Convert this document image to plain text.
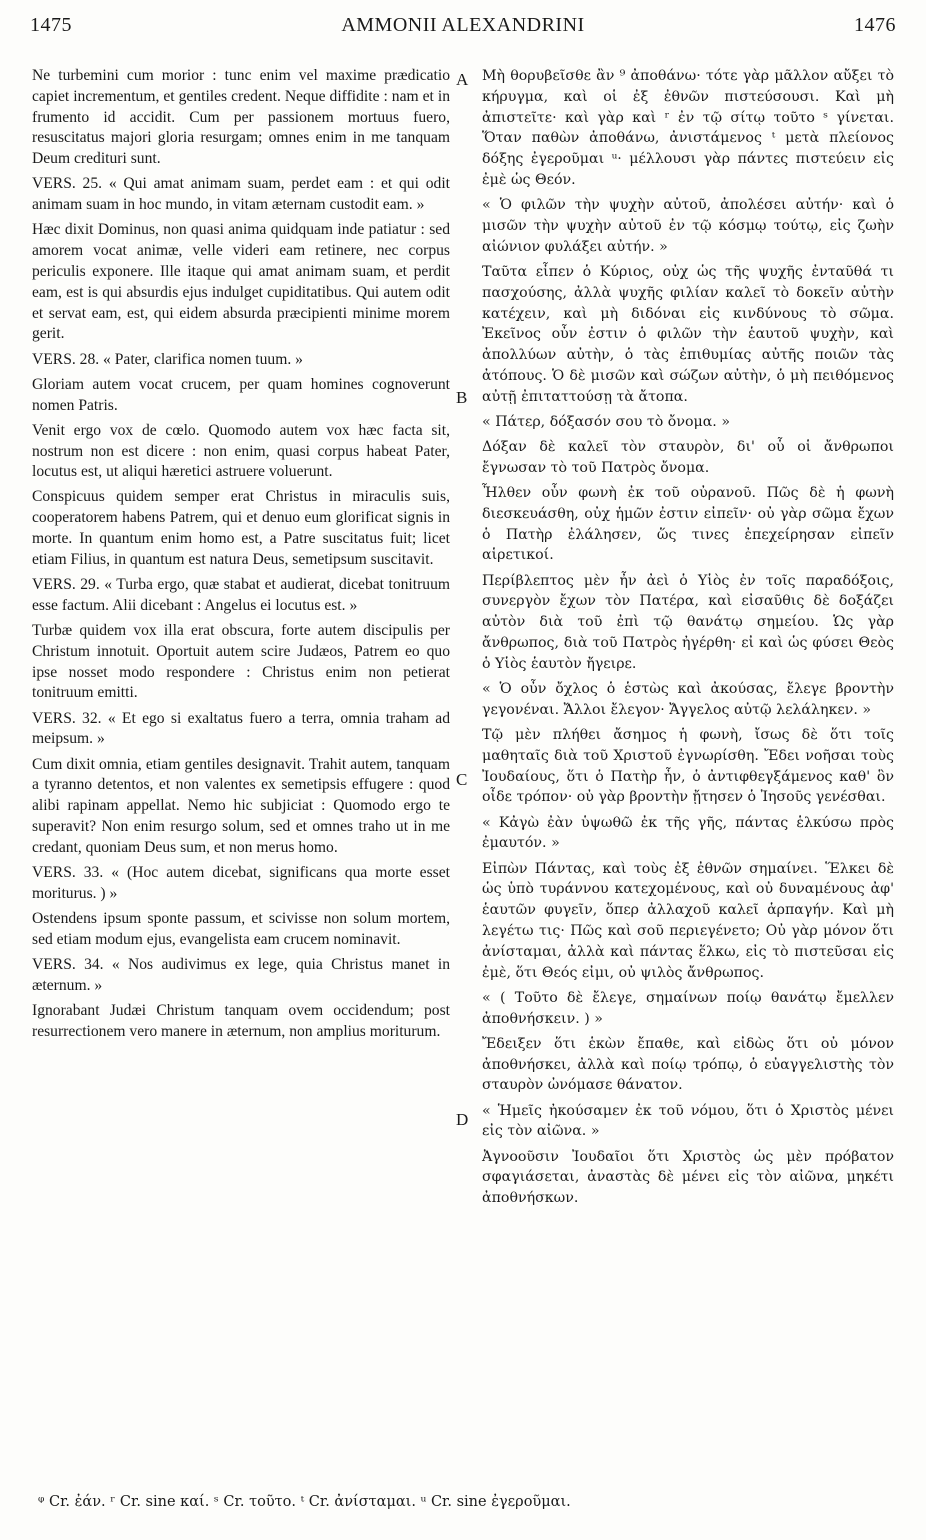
1475	AMMONII ALEXANDRINI	1476
A
B
C
D

Ne turbemini cum morior : tunc enim vel maxime prædicatio capiet incrementum, et gentiles credent. Neque diffidite : nam et in frumento id accidit. Cum per passionem mortuus fuero, resuscitatus majori gloria resurgam; omnes enim in me tanquam Deum credituri sunt.

VERS. 25. « Qui amat animam suam, perdet eam : et qui odit animam suam in hoc mundo, in vitam æternam custodit eam. »

Hæc dixit Dominus, non quasi anima quidquam inde patiatur : sed amorem vocat animæ, velle videri eam retinere, nec corpus periculis exponere. Ille itaque qui amat animam suam, et perdit eam, est is qui absurdis ejus indulget cupiditatibus. Qui autem odit et servat eam, est, qui eidem absurda præcipienti minime morem gerit.

VERS. 28. « Pater, clarifica nomen tuum. »

Gloriam autem vocat crucem, per quam homines cognoverunt nomen Patris.

Venit ergo vox de cœlo. Quomodo autem vox hæc facta sit, nostrum non est dicere : non enim, quasi corpus habeat Pater, locutus est, ut aliqui hæretici astruere voluerunt.

Conspicuus quidem semper erat Christus in miraculis suis, cooperatorem habens Patrem, qui et denuo eum glorificat signis in morte. In quantum enim homo est, a Patre suscitatus fuit; licet etiam Filius, in quantum est natura Deus, semetipsum suscitavit.

VERS. 29. « Turba ergo, quæ stabat et audierat, dicebat tonitruum esse factum. Alii dicebant : Angelus ei locutus est. »

Turbæ quidem vox illa erat obscura, forte autem discipulis per Christum innotuit. Oportuit autem scire Judæos, Patrem eo quo ipse nosset modo respondere : Christus enim non petierat tonitruum emitti.

VERS. 32. « Et ego si exaltatus fuero a terra, omnia traham ad meipsum. »

Cum dixit omnia, etiam gentiles designavit. Trahit autem, tanquam a tyranno detentos, et non valentes ex semetipsis effugere : quod alibi rapinam appellat. Nemo hic subjiciat : Quomodo ergo te superavit? Non enim resurgo solum, sed et omnes traho ut in me credant, quoniam Deus sum, et non merus homo.

VERS. 33. « (Hoc autem dicebat, significans qua morte esset moriturus. ) »

Ostendens ipsum sponte passum, et scivisse non solum mortem, sed etiam modum ejus, evangelista eam crucem nominavit.

VERS. 34. « Nos audivimus ex lege, quia Christus manet in æternum. »

Ignorabant Judæi Christum tanquam ovem occidendum; post resurrectionem vero manere in æternum, non amplius moriturum.

Μὴ θορυβεῖσθε ἂν ⁹ ἀποθάνω· τότε γὰρ μᾶλλον αὔξει τὸ κήρυγμα, καὶ οἱ ἐξ ἐθνῶν πιστεύσουσι. Καὶ μὴ ἀπιστεῖτε· καὶ γὰρ καὶ ʳ ἐν τῷ σίτῳ τοῦτο ˢ γίνεται. Ὅταν παθὼν ἀποθάνω, ἀνιστάμενος ᵗ μετὰ πλείονος δόξης ἐγεροῦμαι ᵘ· μέλλουσι γὰρ πάντες πιστεύειν εἰς ἐμὲ ὡς Θεόν.

« Ὁ φιλῶν τὴν ψυχὴν αὐτοῦ, ἀπολέσει αὐτήν· καὶ ὁ μισῶν τὴν ψυχὴν αὐτοῦ ἐν τῷ κόσμῳ τούτῳ, εἰς ζωὴν αἰώνιον φυλάξει αὐτήν. »

Ταῦτα εἶπεν ὁ Κύριος, οὐχ ὡς τῆς ψυχῆς ἐνταῦθά τι πασχούσης, ἀλλὰ ψυχῆς φιλίαν καλεῖ τὸ δοκεῖν αὐτὴν κατέχειν, καὶ μὴ διδόναι εἰς κινδύνους τὸ σῶμα. Ἐκεῖνος οὖν ἐστιν ὁ φιλῶν τὴν ἑαυτοῦ ψυχὴν, καὶ ἀπολλύων αὐτὴν, ὁ τὰς ἐπιθυμίας αὐτῆς ποιῶν τὰς ἀτόπους. Ὁ δὲ μισῶν καὶ σώζων αὐτὴν, ὁ μὴ πειθόμενος αὐτῇ ἐπιταττούσῃ τὰ ἄτοπα.

« Πάτερ, δόξασόν σου τὸ ὄνομα. »

Δόξαν δὲ καλεῖ τὸν σταυρὸν, δι' οὗ οἱ ἄνθρωποι ἔγνωσαν τὸ τοῦ Πατρὸς ὄνομα.

Ἦλθεν οὖν φωνὴ ἐκ τοῦ οὐρανοῦ. Πῶς δὲ ἡ φωνὴ διεσκευάσθη, οὐχ ἡμῶν ἐστιν εἰπεῖν· οὐ γὰρ σῶμα ἔχων ὁ Πατὴρ ἐλάλησεν, ὥς τινες ἐπεχείρησαν εἰπεῖν αἱρετικοί.

Περίβλεπτος μὲν ἦν ἀεὶ ὁ Υἱὸς ἐν τοῖς παραδόξοις, συνεργὸν ἔχων τὸν Πατέρα, καὶ εἰσαῦθις δὲ δοξάζει αὐτὸν διὰ τοῦ ἐπὶ τῷ θανάτῳ σημείου. Ὡς γὰρ ἄνθρωπος, διὰ τοῦ Πατρὸς ἠγέρθη· εἰ καὶ ὡς φύσει Θεὸς ὁ Υἱὸς ἑαυτὸν ἤγειρε.

« Ὁ οὖν ὄχλος ὁ ἑστὼς καὶ ἀκούσας, ἔλεγε βροντὴν γεγονέναι. Ἄλλοι ἔλεγον· Ἄγγελος αὐτῷ λελάληκεν. »

Τῷ μὲν πλήθει ἄσημος ἡ φωνὴ, ἴσως δὲ ὅτι τοῖς μαθηταῖς διὰ τοῦ Χριστοῦ ἐγνωρίσθη. Ἔδει νοῆσαι τοὺς Ἰουδαίους, ὅτι ὁ Πατὴρ ἦν, ὁ ἀντιφθεγξάμενος καθ' ὃν οἶδε τρόπον· οὐ γὰρ βροντὴν ᾔτησεν ὁ Ἰησοῦς γενέσθαι.

« Κἀγὼ ἐὰν ὑψωθῶ ἐκ τῆς γῆς, πάντας ἑλκύσω πρὸς ἐμαυτόν. »

Εἰπὼν Πάντας, καὶ τοὺς ἐξ ἐθνῶν σημαίνει. Ἕλκει δὲ ὡς ὑπὸ τυράννου κατεχομένους, καὶ οὐ δυναμένους ἀφ' ἑαυτῶν φυγεῖν, ὅπερ ἀλλαχοῦ καλεῖ ἁρπαγήν. Καὶ μὴ λεγέτω τις· Πῶς καὶ σοῦ περιεγένετο; Οὐ γὰρ μόνον ὅτι ἀνίσταμαι, ἀλλὰ καὶ πάντας ἕλκω, εἰς τὸ πιστεῦσαι εἰς ἐμὲ, ὅτι Θεός εἰμι, οὐ ψιλὸς ἄνθρωπος.

« ( Τοῦτο δὲ ἔλεγε, σημαίνων ποίῳ θανάτῳ ἔμελλεν ἀποθνήσκειν. ) »

Ἔδειξεν ὅτι ἑκὼν ἔπαθε, καὶ εἰδὼς ὅτι οὐ μόνον ἀποθνήσκει, ἀλλὰ καὶ ποίῳ τρόπῳ, ὁ εὐαγγελιστὴς τὸν σταυρὸν ὠνόμασε θάνατον.

« Ἡμεῖς ἠκούσαμεν ἐκ τοῦ νόμου, ὅτι ὁ Χριστὸς μένει εἰς τὸν αἰῶνα. »

Ἀγνοοῦσιν Ἰουδαῖοι ὅτι Χριστὸς ὡς μὲν πρόβατον σφαγιάσεται, ἀναστὰς δὲ μένει εἰς τὸν αἰῶνα, μηκέτι ἀποθνήσκων.

ᵠ Cr. ἐάν. ʳ Cr. sine καί. ˢ Cr. τοῦτο. ᵗ Cr. ἀνίσταμαι. ᵘ Cr. sine ἐγεροῦμαι.
